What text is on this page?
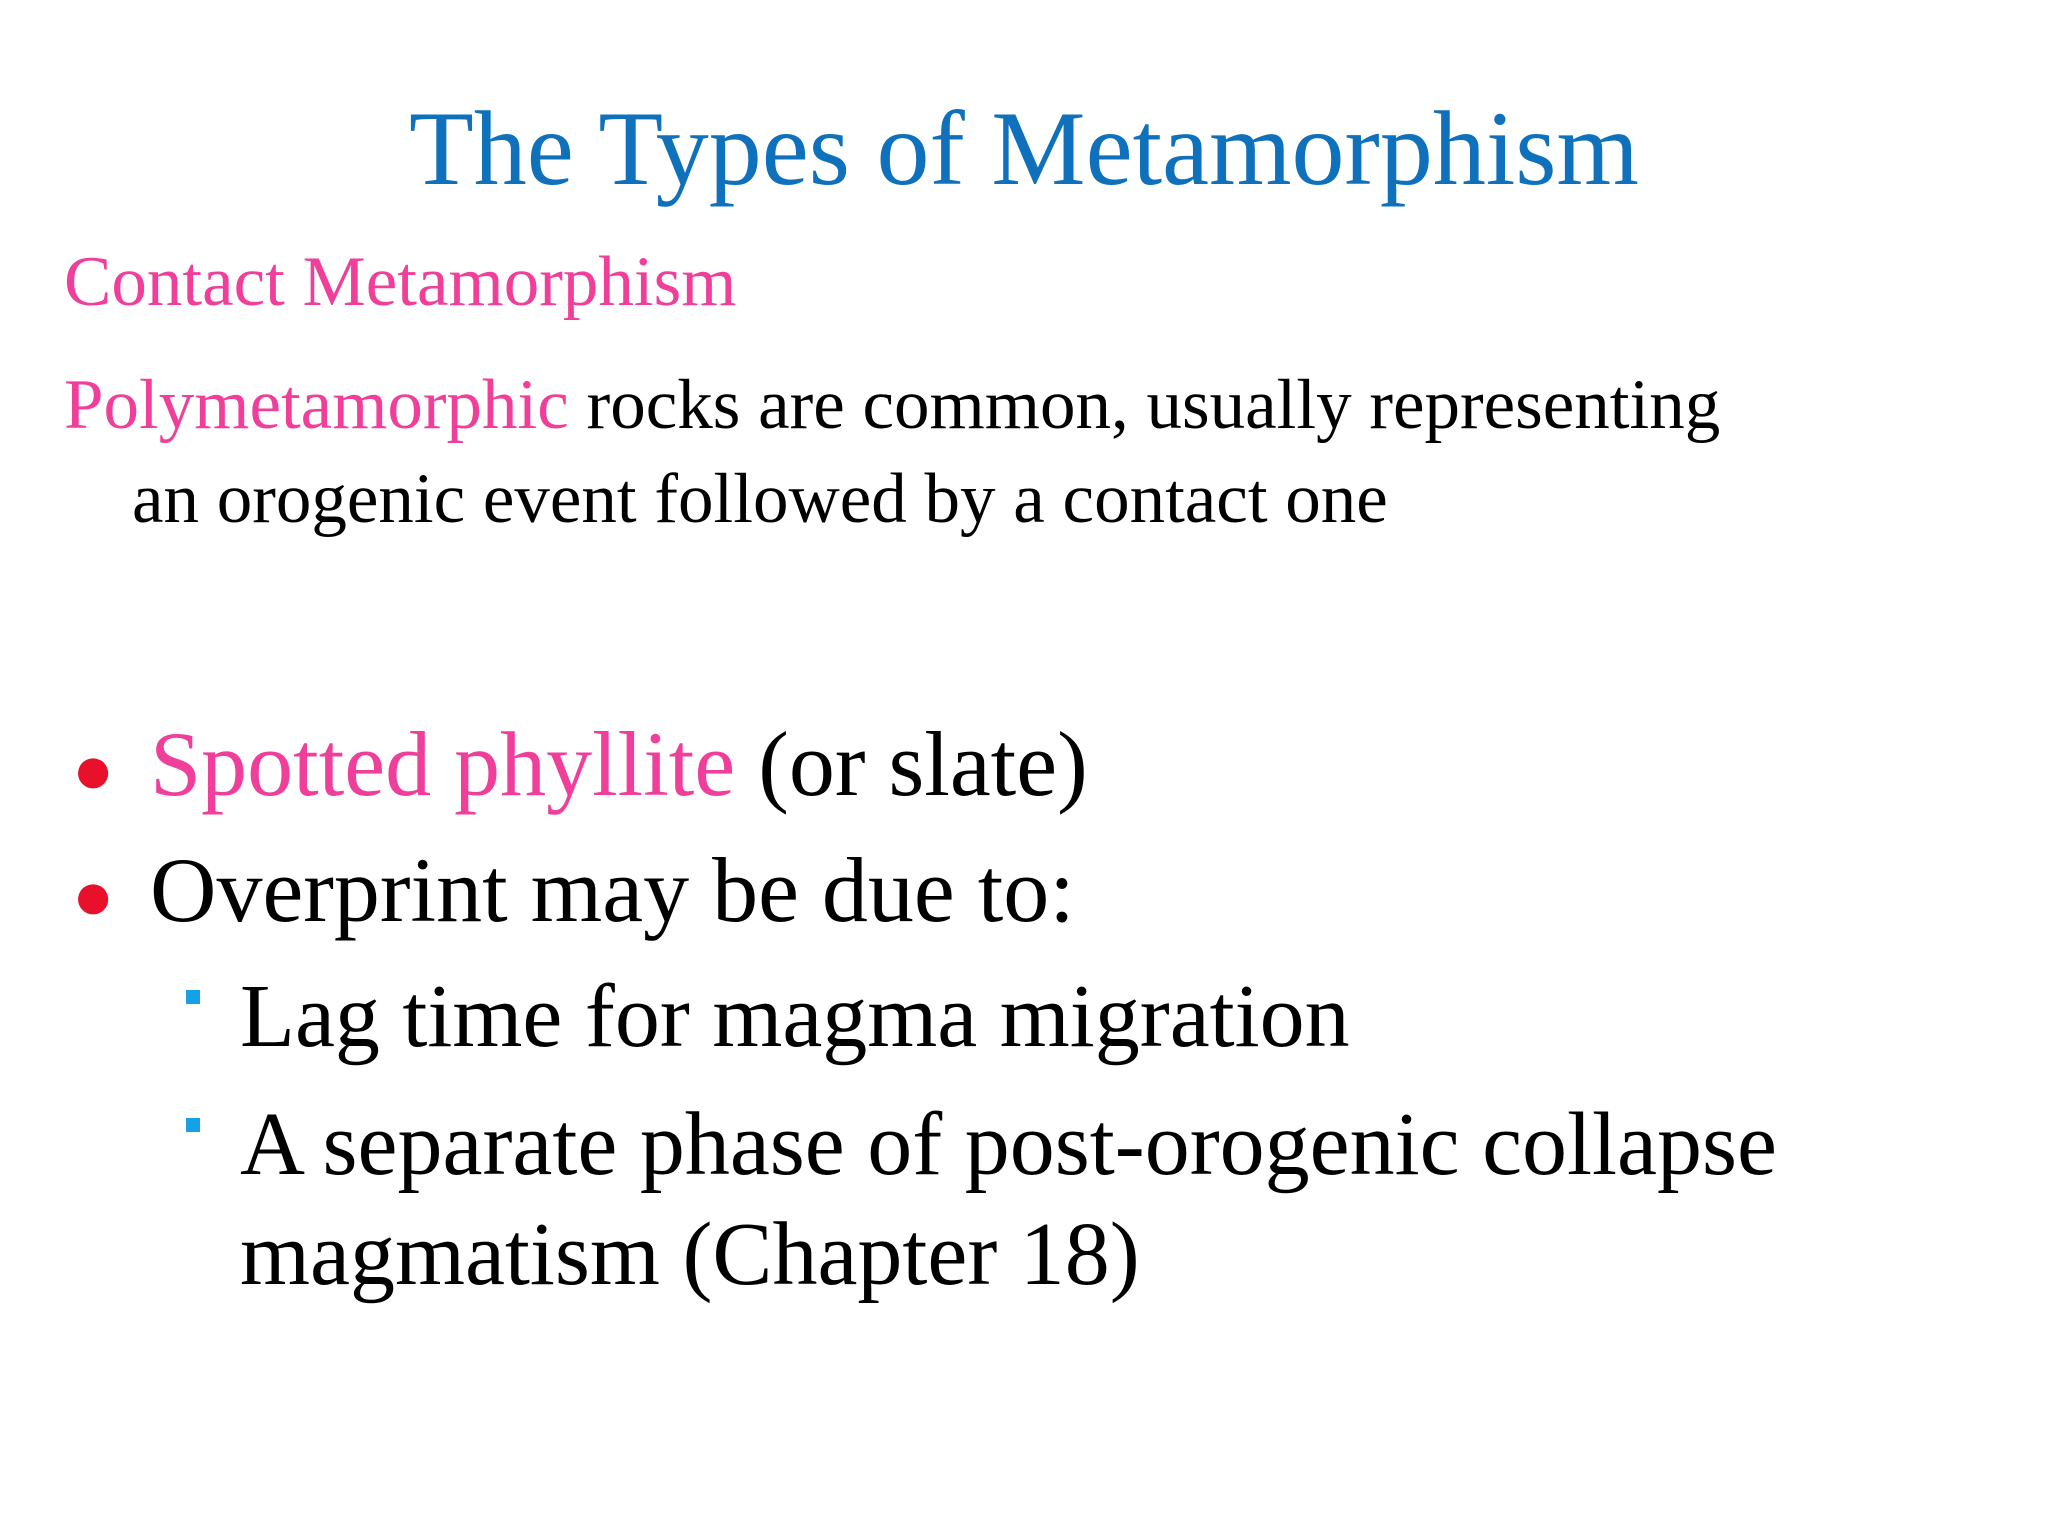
The Types of Metamorphism
Contact Metamorphism
Polymetamorphic rocks are common, usually representing
an orogenic event followed by a contact one
● Spotted phyllite (or slate)
● Overprint may be due to:
Lag time for magma migration
A separate phase of post-orogenic collapse
magmatism (Chapter 18)
